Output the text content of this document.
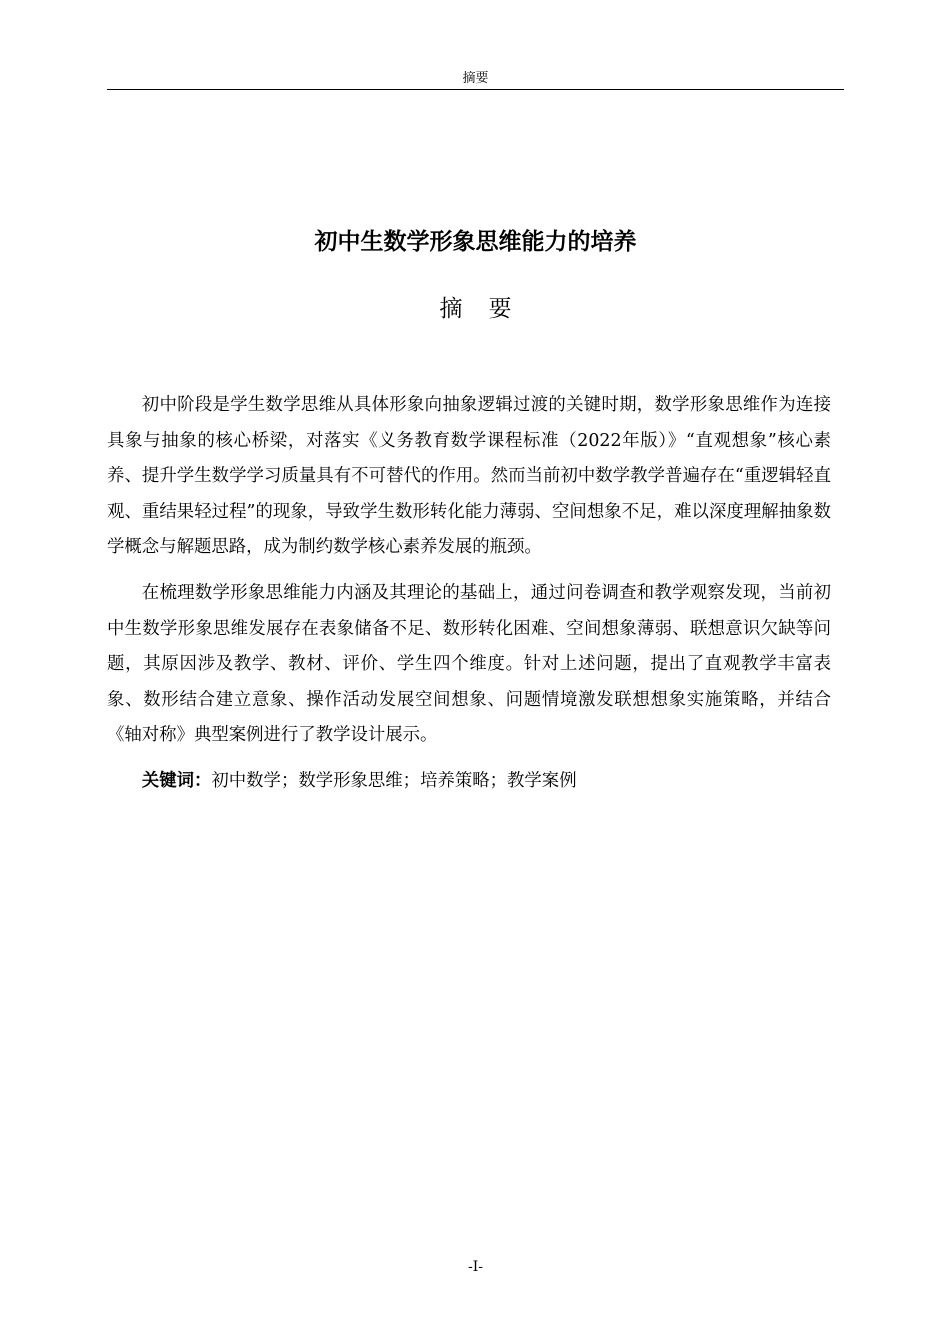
摘要
初中生数学形象思维能力的培养
摘 要

初中阶段是学生数学思维从具体形象向抽象逻辑过渡的关键时期，数学形象思维作为连接具象与抽象的核心桥梁，对落实《义务教育数学课程标准（2022年版）》“直观想象”核心素养、提升学生数学学习质量具有不可替代的作用。然而当前初中数学教学普遍存在“重逻辑轻直观、重结果轻过程”的现象，导致学生数形转化能力薄弱、空间想象不足，难以深度理解抽象数学概念与解题思路，成为制约数学核心素养发展的瓶颈。

在梳理数学形象思维能力内涵及其理论的基础上，通过问卷调查和教学观察发现，当前初中生数学形象思维发展存在表象储备不足、数形转化困难、空间想象薄弱、联想意识欠缺等问题，其原因涉及教学、教材、评价、学生四个维度。针对上述问题，提出了直观教学丰富表象、数形结合建立意象、操作活动发展空间想象、问题情境激发联想想象实施策略，并结合《轴对称》典型案例进行了教学设计展示。

关键词：初中数学；数学形象思维；培养策略；教学案例

-I-
